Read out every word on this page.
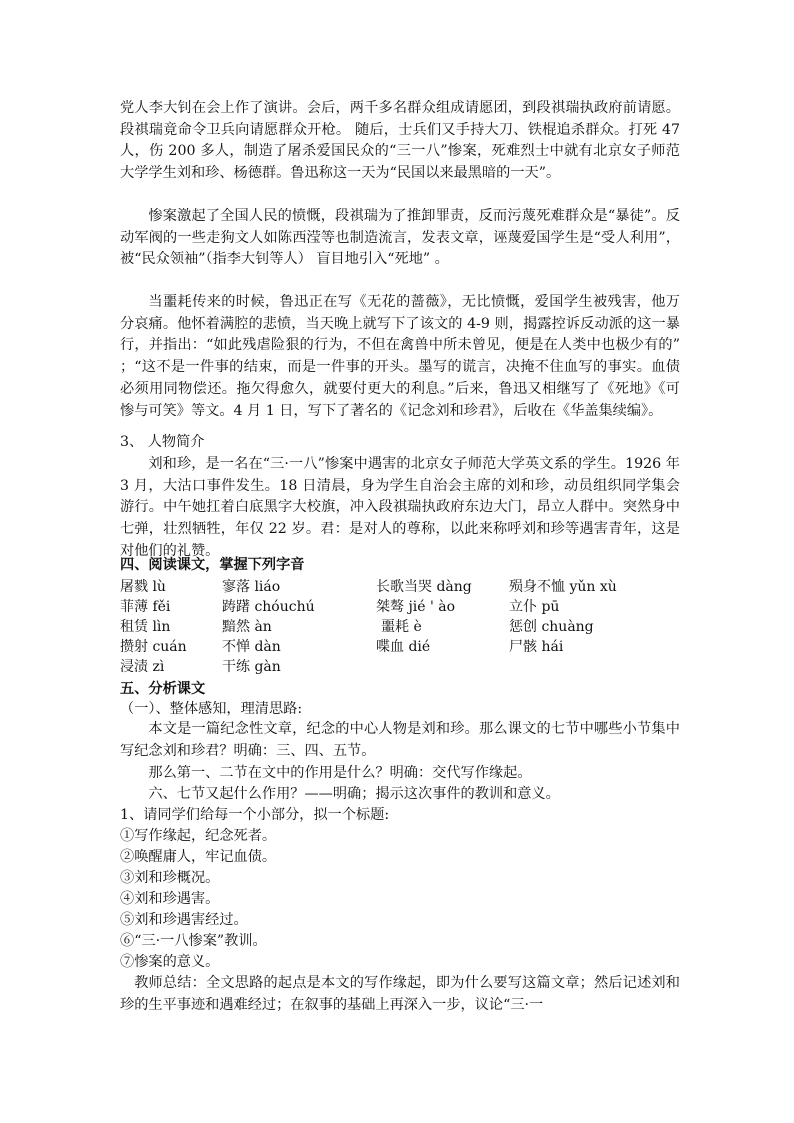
党人李大钊在会上作了演讲。会后，两千多名群众组成请愿团，到段祺瑞执政府前请愿。段祺瑞竟命令卫兵向请愿群众开枪。 随后，士兵们又手持大刀、铁棍追杀群众。打死 47 人，伤 200 多人，制造了屠杀爱国民众的“三一八”惨案，死难烈士中就有北京女子师范大学学生刘和珍、杨德群。鲁迅称这一天为“民国以来最黑暗的一天”。

惨案激起了全国人民的愤慨，段祺瑞为了推卸罪责，反而污蔑死难群众是“暴徒”。反动军阀的一些走狗文人如陈西滢等也制造流言，发表文章，诬蔑爱国学生是“受人利用”，被“民众领袖”（指李大钊等人） 盲目地引入“死地” 。

当噩耗传来的时候，鲁迅正在写《无花的蔷薇》，无比愤慨，爱国学生被残害，他万分哀痛。他怀着满腔的悲愤，当天晚上就写下了该文的 4-9 则，揭露控诉反动派的这一暴行，并指出：“如此残虐险狠的行为，不但在禽兽中所未曾见，便是在人类中也极少有的” ；“这不是一件事的结束，而是一件事的开头。墨写的谎言，决掩不住血写的事实。血债必须用同物偿还。拖欠得愈久，就要付更大的利息。”后来，鲁迅又相继写了《死地》《可惨与可笑》等文。4 月 1 日，写下了著名的《记念刘和珍君》，后收在《华盖集续编》。

3、 人物简介

刘和珍，是一名在“三·一八”惨案中遇害的北京女子师范大学英文系的学生。1926 年 3 月，大沽口事件发生。18 日清晨，身为学生自治会主席的刘和珍，动员组织同学集会游行。中午她扛着白底黑字大校旗，冲入段祺瑞执政府东边大门，昂立人群中。突然身中七弹，壮烈牺牲，年仅 22 岁。君：是对人的尊称，以此来称呼刘和珍等遇害青年，这是对他们的礼赞。

四、阅读课文，掌握下列字音

屠戮 lù	寥落 liáo	长歌当哭 dàng	殒身不恤 yǔn xù
菲薄 fěi	踌躇 chóuchú	桀骜 jié ' ào	立仆 pū
租赁 lìn	黯然 àn	噩耗 è	惩创 chuàng
攒射 cuán	不惮 dàn	喋血 dié	尸骸 hái
浸渍 zì	干练 gàn

五、分析课文

（一）、整体感知，理清思路:

本文是一篇纪念性文章，纪念的中心人物是刘和珍。那么课文的七节中哪些小节集中写纪念刘和珍君？明确：三、四、五节。

那么第一、二节在文中的作用是什么？明确：交代写作缘起。

六、七节又起什么作用？——明确；揭示这次事件的教训和意义。

1、请同学们给每一个小部分，拟一个标题:

①写作缘起，纪念死者。

②唤醒庸人，牢记血债。

③刘和珍概况。

④刘和珍遇害。

⑤刘和珍遇害经过。

⑥“三·一八惨案”教训。

⑦惨案的意义。

教师总结：全文思路的起点是本文的写作缘起，即为什么要写这篇文章；然后记述刘和珍的生平事迹和遇难经过；在叙事的基础上再深入一步，议论“三·一
